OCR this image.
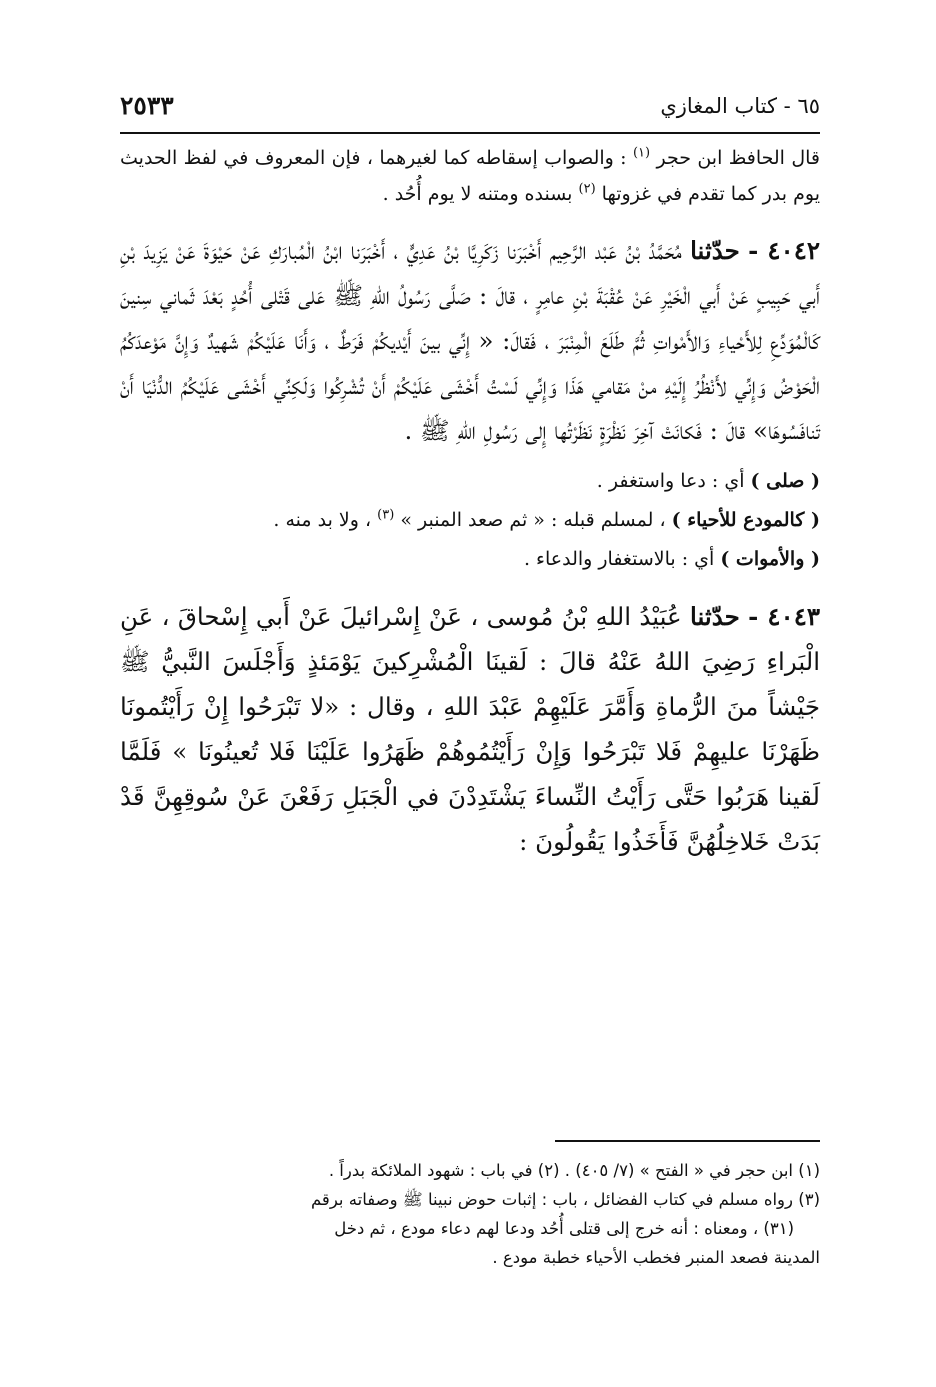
٦٥ - كتاب المغازي
٢٥٣٣

قال الحافظ ابن حجر $^{(١)}$ : والصواب إسقاطه كما لغيرهما ، فإن المعروف في لفظ الحديث يوم بدر كما تقدم في غزوتها $^{(٢)}$ بسنده ومتنه لا يوم أُحُد .

٤٠٤٢ - حدّثنا مُحَمَّدُ بْنُ عَبْد الرَّحِيم أَخْبَرَنا زَكَرِيَّا بْنُ عَدِيٍّ ، أَخْبَرَنا ابْنُ الْمُبارَكِ عَنْ حَيْوَةَ عَنْ يَزِيدَ بْنِ أَبي حَبِيبٍ عَنْ أَبي الْخَيْرِ عَنْ عُقْبَةَ بْنِ عامِرٍ ، قالَ : صَلَّى رَسُولُ اللهِ ﷺ عَلى قَتْلى أُحُدٍ بَعْدَ ثَماني سِنينَ كَالْمُوَدِّعِ لِلأَحْياءِ وَالأَمْواتِ ثُمَّ طَلَعَ الْمِنْبَرَ ، فَقالَ: « إِنِّي بينَ أَيْديكُمْ فَرَطٌ ، وَأَنَا عَلَيْكُمْ شَهيدٌ وَإِنَّ مَوْعدَكُمُ الْحَوْضُ وَإِنِّي لأَنْظُرُ إِلَيْهِ منْ مَقامي هَذَا وَإِنِّي لَسْتُ أَخْشَى عَلَيْكُمْ أَنْ تُشْرِكُوا وَلَكِنِّي أَخْشَى عَلَيْكُمُ الدُّنْيَا أَنْ تَنافَسُوهَا» قالَ : فَكانَتْ آخِرَ نَظْرَةٍ نَظَرْتُها إِلى رَسُولِ اللهِ ﷺ .

( صلى ) أي : دعا واستغفر .

( كالمودع للأحياء ) ، لمسلم قبله : « ثم صعد المنبر » $^{(٣)}$ ، ولا بد منه .

( والأموات ) أي : بالاستغفار والدعاء .

٤٠٤٣ - حدّثنا عُبَيْدُ اللهِ بْنُ مُوسى ، عَنْ إِسْرائيلَ عَنْ أَبي إِسْحاقَ ، عَنِ الْبَراءِ رَضِيَ اللهُ عَنْهُ قالَ : لَقينَا الْمُشْرِكينَ يَوْمَئذٍ وَأَجْلَسَ النَّبيُّ ﷺ جَيْشاً منَ الرُّماةِ وَأَمَّرَ عَلَيْهِمْ عَبْدَ اللهِ ، وقال : «لا تَبْرَحُوا إِنْ رَأَيْتُمونَا ظَهَرْنَا عليهِمْ فَلا تَبْرَحُوا وَإِنْ رَأَيْتُمُوهُمْ ظَهَرُوا عَلَيْنَا فَلا تُعينُونَا » فَلَمَّا لَقينا هَرَبُوا حَتَّى رَأَيْتُ النِّساءَ يَشْتَدِدْنَ في الْجَبَلِ رَفَعْنَ عَنْ سُوقِهِنَّ قَدْ بَدَتْ خَلاخِلُهُنَّ فَأَخَذُوا يَقُولُونَ :

(١) ابن حجر في « الفتح » (٧/ ٤٠٥) . (٢) في باب : شهود الملائكة بدراً .

(٣) رواه مسلم في كتاب الفضائل ، باب : إثبات حوض نبينا ﷺ وصفاته برقم

(٣١) ، ومعناه : أنه خرج إلى قتلى أُحُد ودعا لهم دعاء مودع ، ثم دخل

المدينة فصعد المنبر فخطب الأحياء خطبة مودع .
